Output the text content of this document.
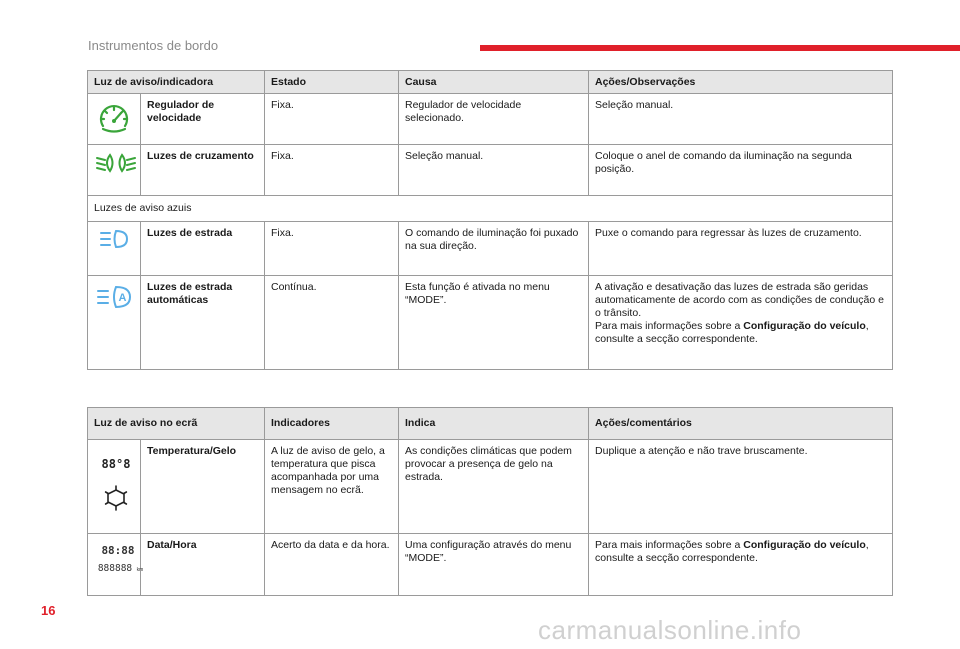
Instrumentos de bordo
Luz de aviso/indicadora		Estado	Causa	Ações/Observações

	Regulador de velocidade	Fixa.	Regulador de velocidade selecionado.	Seleção manual.

	Luzes de cruzamento	Fixa.	Seleção manual.	Coloque o anel de comando da iluminação na segunda posição.
Luzes de aviso azuis				

	Luzes de estrada	Fixa.	O comando de iluminação foi puxado na sua direção.	Puxe o comando para regressar às luzes de cruzamento.

A	Luzes de estrada automáticas	Contínua.	Esta função é ativada no menu “MODE”.	A ativação e desativação das luzes de estrada são geridas automaticamente de acordo com as condições de condução e o trânsito.
Para mais informações sobre a Configuração do veículo, consulte a secção correspondente.
Luz de aviso no ecrã		Indicadores	Indica	Ações/comentários

88°8	Temperatura/Gelo	A luz de aviso de gelo, a temperatura que pisca acompanhada por uma mensagem no ecrã.	As condições climáticas que podem provocar a presença de gelo na estrada.	Duplique a atenção e não trave bruscamente.

88:88
888888 km	Data/Hora	Acerto da data e da hora.	Uma configuração através do menu “MODE”.	Para mais informações sobre a Configuração do veículo, consulte a secção correspondente.
16
carmanualsonline.info
